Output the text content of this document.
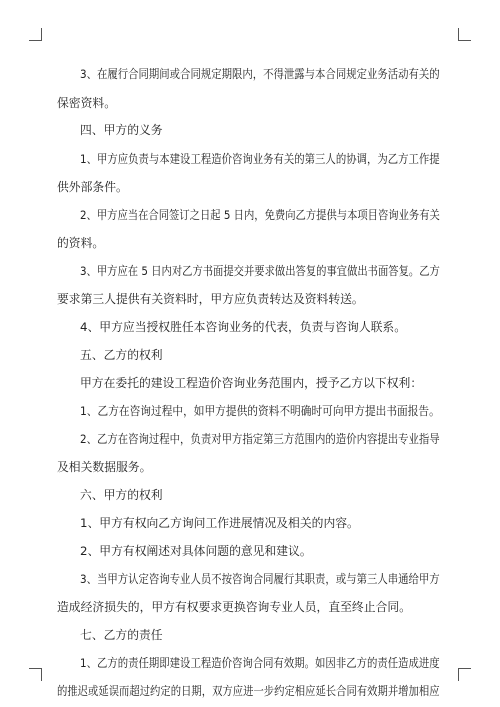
3、在履行合同期间或合同规定期限内，不得泄露与本合同规定业务活动有关的
保密资料。
四、甲方的义务
1、甲方应负责与本建设工程造价咨询业务有关的第三人的协调，为乙方工作提
供外部条件。
2、甲方应当在合同签订之日起 5 日内，免费向乙方提供与本项目咨询业务有关
的资料。
3、甲方应在 5 日内对乙方书面提交并要求做出答复的事宜做出书面答复。乙方
要求第三人提供有关资料时，甲方应负责转达及资料转送。
4、甲方应当授权胜任本咨询业务的代表，负责与咨询人联系。
五、乙方的权利
甲方在委托的建设工程造价咨询业务范围内，授予乙方以下权利：
1、乙方在咨询过程中，如甲方提供的资料不明确时可向甲方提出书面报告。
2、乙方在咨询过程中，负责对甲方指定第三方范围内的造价内容提出专业指导
及相关数据服务。
六、甲方的权利
1、甲方有权向乙方询问工作进展情况及相关的内容。
2、甲方有权阐述对具体问题的意见和建议。
3、当甲方认定咨询专业人员不按咨询合同履行其职责，或与第三人串通给甲方
造成经济损失的，甲方有权要求更换咨询专业人员，直至终止合同。
七、乙方的责任
1、乙方的责任期即建设工程造价咨询合同有效期。如因非乙方的责任造成进度
的推迟或延误而超过约定的日期，双方应进一步约定相应延长合同有效期并增加相应
